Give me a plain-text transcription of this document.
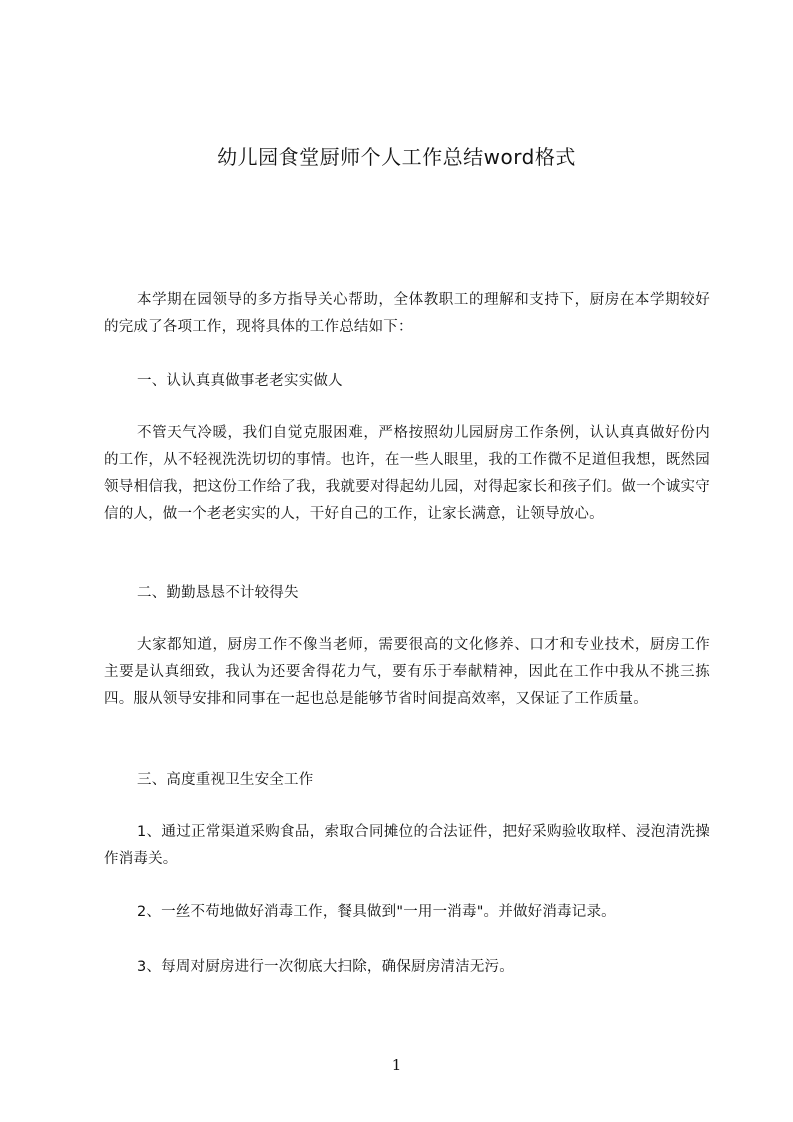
幼儿园食堂厨师个人工作总结word格式

本学期在园领导的多方指导关心帮助，全体教职工的理解和支持下，厨房在本学期较好的完成了各项工作，现将具体的工作总结如下：

一、认认真真做事老老实实做人

不管天气冷暖，我们自觉克服困难，严格按照幼儿园厨房工作条例，认认真真做好份内的工作，从不轻视洗洗切切的事情。也许，在一些人眼里，我的工作微不足道但我想，既然园领导相信我，把这份工作给了我，我就要对得起幼儿园，对得起家长和孩子们。做一个诚实守信的人，做一个老老实实的人，干好自己的工作，让家长满意，让领导放心。

二、勤勤恳恳不计较得失

大家都知道，厨房工作不像当老师，需要很高的文化修养、口才和专业技术，厨房工作主要是认真细致，我认为还要舍得花力气，要有乐于奉献精神，因此在工作中我从不挑三拣四。服从领导安排和同事在一起也总是能够节省时间提高效率，又保证了工作质量。

三、高度重视卫生安全工作

1、通过正常渠道采购食品，索取合同摊位的合法证件，把好采购验收取样、浸泡清洗操作消毒关。

2、一丝不苟地做好消毒工作，餐具做到"一用一消毒"。并做好消毒记录。

3、每周对厨房进行一次彻底大扫除，确保厨房清洁无污。

1
